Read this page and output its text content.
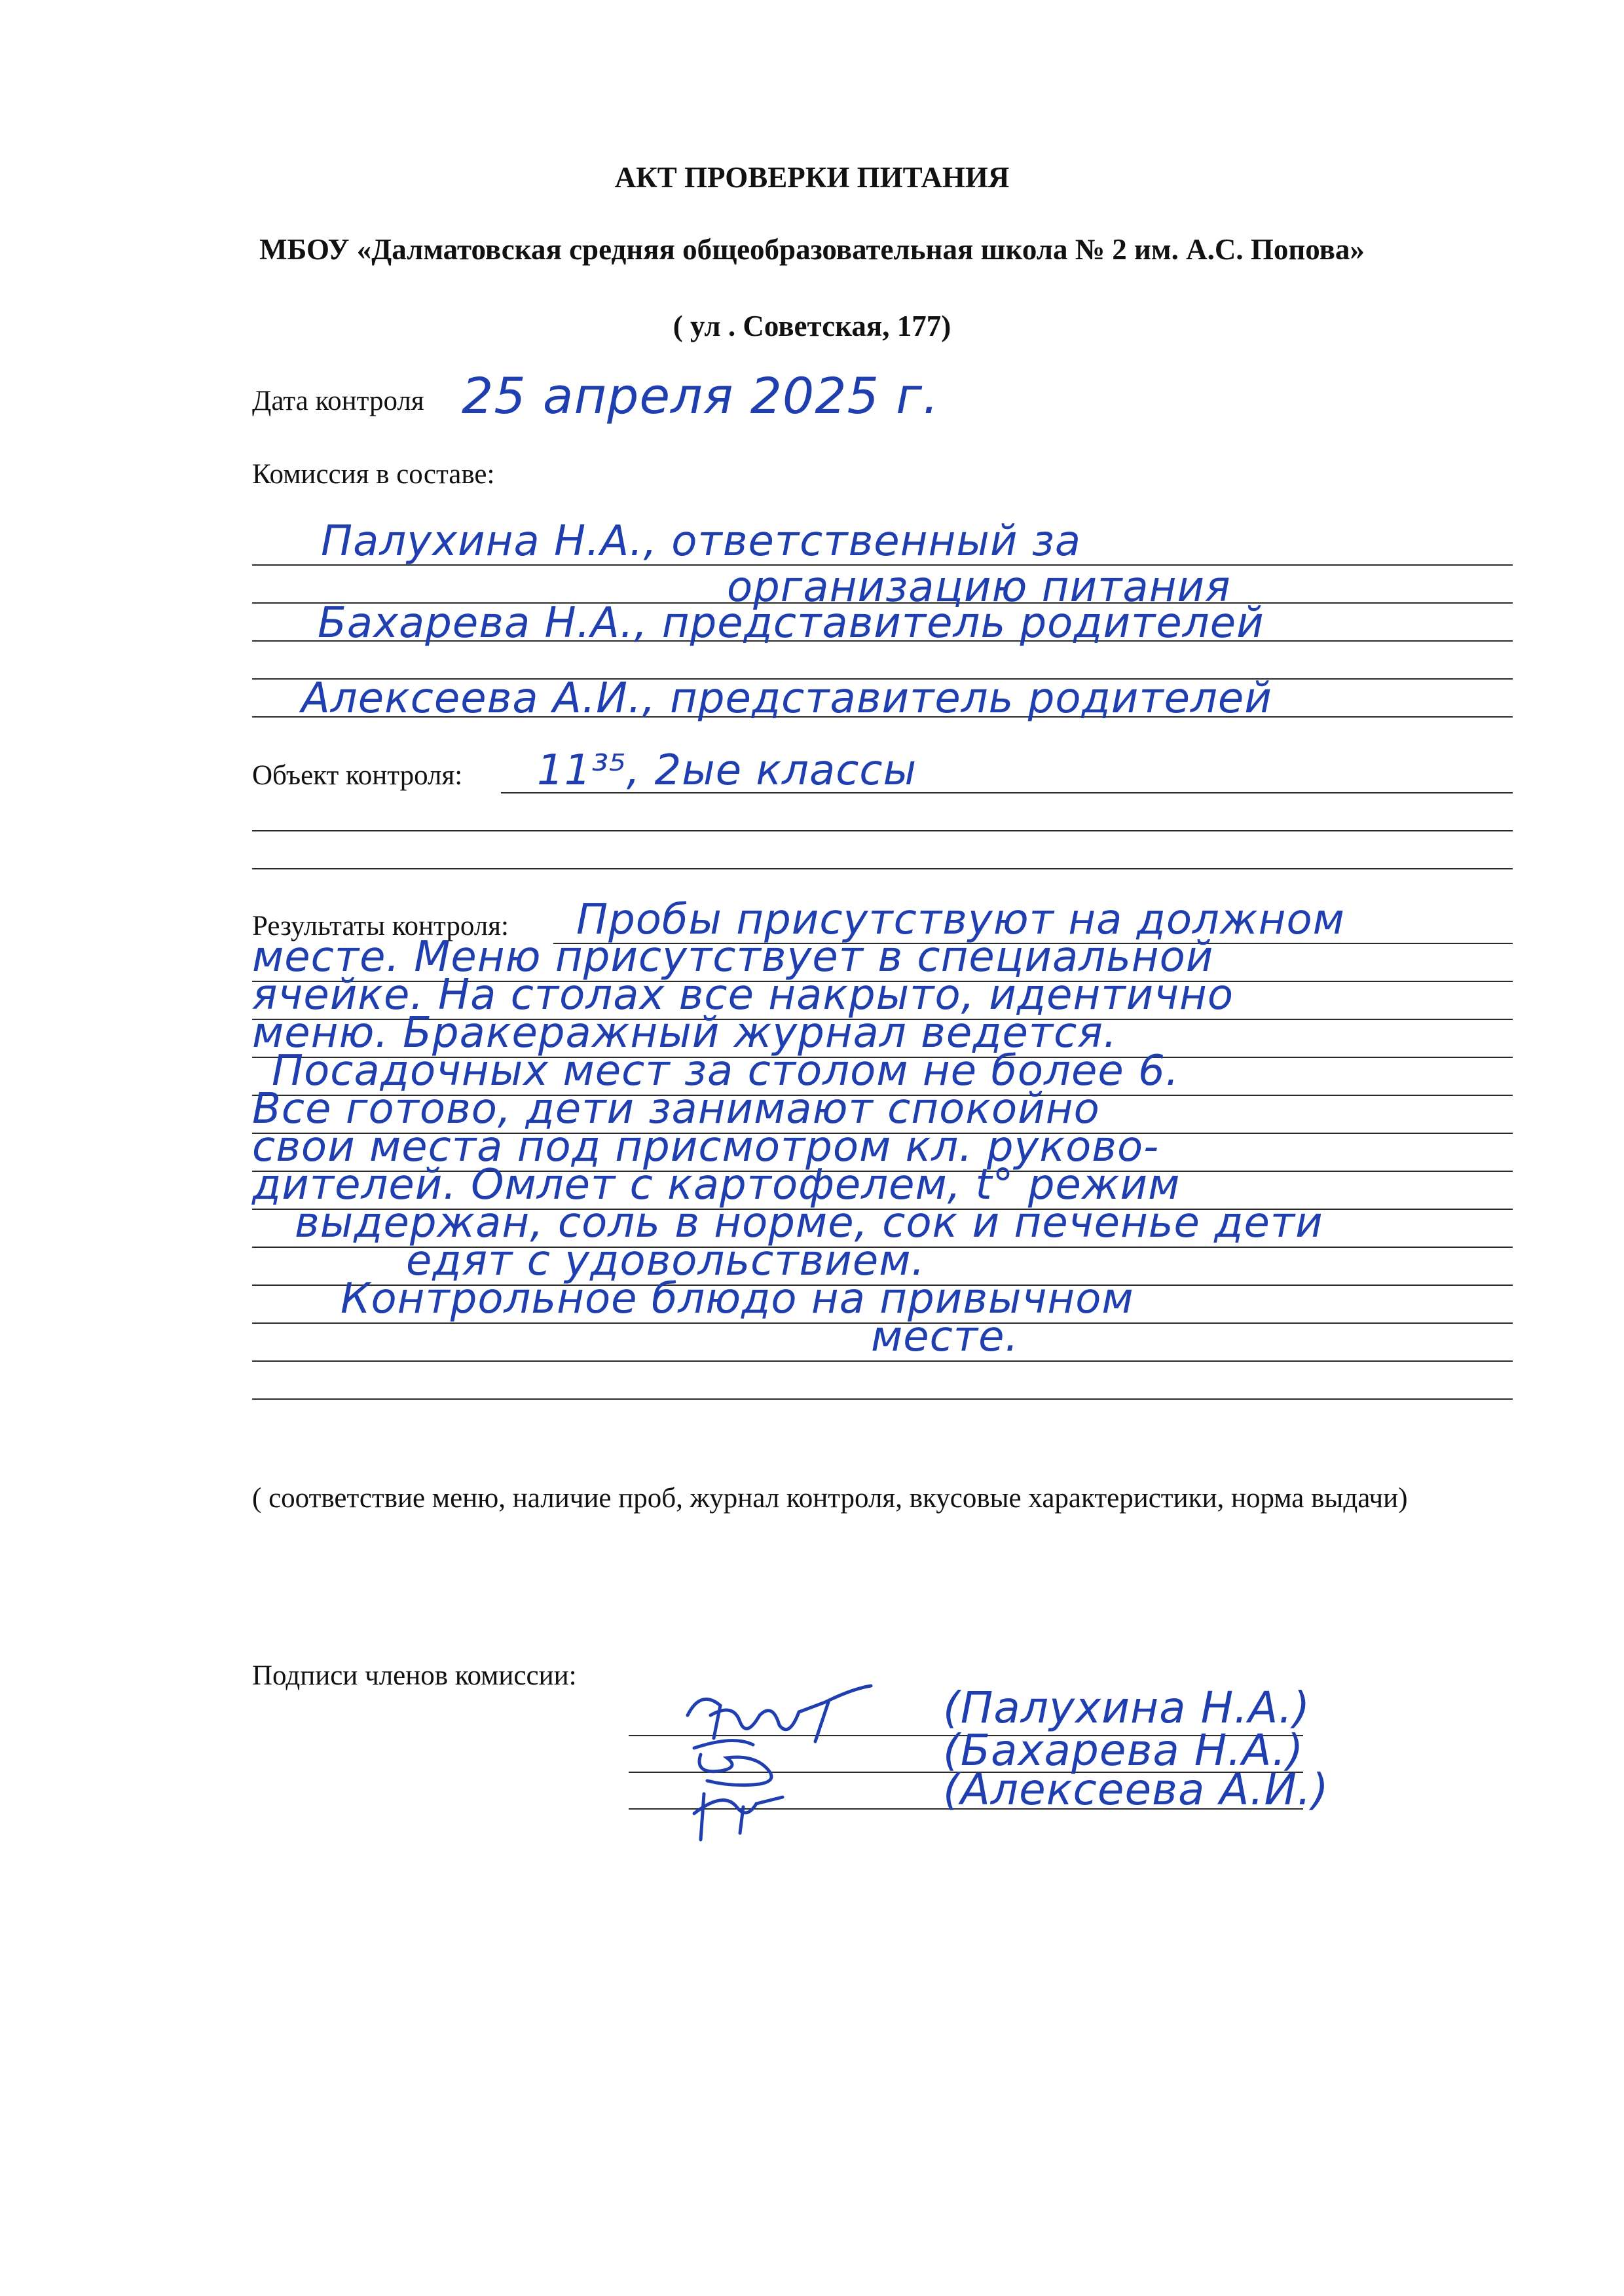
АКТ ПРОВЕРКИ ПИТАНИЯ
МБОУ «Далматовская средняя общеобразовательная школа № 2 им. А.С. Попова»
( ул . Советская, 177)
Дата контроля 25 апреля 2025 г.
Комиссия в составе:
Палухина Н.А., ответственный за
организацию питания
Бахарева Н.А., представитель родителей
Алексеева А.И., представитель родителей
Объект контроля: 11³⁵, 2ые классы
Результаты контроля: Пробы присутствуют на должном
месте. Меню присутствует в специальной
ячейке. На столах все накрыто, идентично
меню. Бракеражный журнал ведется.
Посадочных мест за столом не более 6.
Все готово, дети занимают спокойно
свои места под присмотром кл. руково-
дителей. Омлет с картофелем, t° режим
выдержан, соль в норме, сок и печенье дети
едят с удовольствием.
Контрольное блюдо на привычном
месте.
( соответствие меню, наличие проб, журнал контроля, вкусовые характеристики, норма выдачи)
Подписи членов комиссии:
(Палухина Н.А.)
(Бахарева Н.А.)
(Алексеева А.И.)
